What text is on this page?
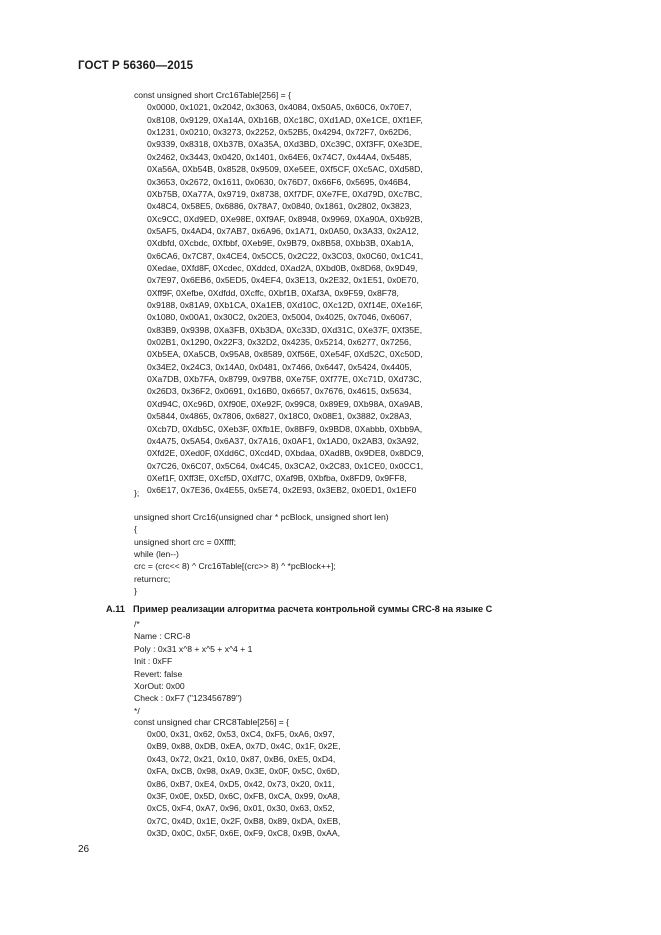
ГОСТ Р 56360—2015
const unsigned short Crc16Table[256] = {
0x0000, 0x1021, 0x2042, 0x3063, 0x4084, 0x50A5, 0x60C6, 0x70E7,
0x8108, 0x9129, 0Xa14A, 0Xb16B, 0Xc18C, 0Xd1AD, 0Xe1CE, 0Xf1EF,
0x1231, 0x0210, 0x3273, 0x2252, 0x52B5, 0x4294, 0x72F7, 0x62D6,
0x9339, 0x8318, 0Xb37B, 0Xa35A, 0Xd3BD, 0Xc39C, 0Xf3FF, 0Xe3DE,
0x2462, 0x3443, 0x0420, 0x1401, 0x64E6, 0x74C7, 0x44A4, 0x5485,
0Xa56A, 0Xb54B, 0x8528, 0x9509, 0Xe5EE, 0Xf5CF, 0Xc5AC, 0Xd58D,
0x3653, 0x2672, 0x1611, 0x0630, 0x76D7, 0x66F6, 0x5695, 0x46B4,
0Xb75B, 0Xa77A, 0x9719, 0x8738, 0Xf7DF, 0Xe7FE, 0Xd79D, 0Xc7BC,
0x48C4, 0x58E5, 0x6886, 0x78A7, 0x0840, 0x1861, 0x2802, 0x3823,
0Xc9CC, 0Xd9ED, 0Xe98E, 0Xf9AF, 0x8948, 0x9969, 0Xa90A, 0Xb92B,
0x5AF5, 0x4AD4, 0x7AB7, 0x6A96, 0x1A71, 0x0A50, 0x3A33, 0x2A12,
0Xdbfd, 0Xcbdc, 0Xfbbf, 0Xeb9E, 0x9B79, 0x8B58, 0Xbb3B, 0Xab1A,
0x6CA6, 0x7C87, 0x4CE4, 0x5CC5, 0x2C22, 0x3C03, 0x0C60, 0x1C41,
0Xedae, 0Xfd8F, 0Xcdec, 0Xddcd, 0Xad2A, 0Xbd0B, 0x8D68, 0x9D49,
0x7E97, 0x6EB6, 0x5ED5, 0x4EF4, 0x3E13, 0x2E32, 0x1E51, 0x0E70,
0Xff9F, 0Xefbe, 0Xdfdd, 0Xcffc, 0Xbf1B, 0Xaf3A, 0x9F59, 0x8F78,
0x9188, 0x81A9, 0Xb1CA, 0Xa1EB, 0Xd10C, 0Xc12D, 0Xf14E, 0Xe16F,
0x1080, 0x00A1, 0x30C2, 0x20E3, 0x5004, 0x4025, 0x7046, 0x6067,
0x83B9, 0x9398, 0Xa3FB, 0Xb3DA, 0Xc33D, 0Xd31C, 0Xe37F, 0Xf35E,
0x02B1, 0x1290, 0x22F3, 0x32D2, 0x4235, 0x5214, 0x6277, 0x7256,
0Xb5EA, 0Xa5CB, 0x95A8, 0x8589, 0Xf56E, 0Xe54F, 0Xd52C, 0Xc50D,
0x34E2, 0x24C3, 0x14A0, 0x0481, 0x7466, 0x6447, 0x5424, 0x4405,
0Xa7DB, 0Xb7FA, 0x8799, 0x97B8, 0Xe75F, 0Xf77E, 0Xc71D, 0Xd73C,
0x26D3, 0x36F2, 0x0691, 0x16B0, 0x6657, 0x7676, 0x4615, 0x5634,
0Xd94C, 0Xc96D, 0Xf90E, 0Xe92F, 0x99C8, 0x89E9, 0Xb98A, 0Xa9AB,
0x5844, 0x4865, 0x7806, 0x6827, 0x18C0, 0x08E1, 0x3882, 0x28A3,
0Xcb7D, 0Xdb5C, 0Xeb3F, 0Xfb1E, 0x8BF9, 0x9BD8, 0Xabbb, 0Xbb9A,
0x4A75, 0x5A54, 0x6A37, 0x7A16, 0x0AF1, 0x1AD0, 0x2AB3, 0x3A92,
0Xfd2E, 0Xed0F, 0Xdd6C, 0Xcd4D, 0Xbdaa, 0Xad8B, 0x9DE8, 0x8DC9,
0x7C26, 0x6C07, 0x5C64, 0x4C45, 0x3CA2, 0x2C83, 0x1CE0, 0x0CC1,
0Xef1F, 0Xff3E, 0Xcf5D, 0Xdf7C, 0Xaf9B, 0Xbfba, 0x8FD9, 0x9FF8,
0x6E17, 0x7E36, 0x4E55, 0x5E74, 0x2E93, 0x3EB2, 0x0ED1, 0x1EF0
};
unsigned short Crc16(unsigned char * pcBlock, unsigned short len)
{
unsigned short crc = 0Xffff;
while (len--)
crc = (crc<< 8) ^ Crc16Table[(crc>> 8) ^ *pcBlock++];
returncrc;
}
A.11 Пример реализации алгоритма расчета контрольной суммы CRC-8 на языке C
/*
Name : CRC-8
Poly : 0x31 x^8 + x^5 + x^4 + 1
Init : 0xFF
Revert: false
XorOut: 0x00
Check : 0xF7 ("123456789")
*/
const unsigned char CRC8Table[256] = {
0x00, 0x31, 0x62, 0x53, 0xC4, 0xF5, 0xA6, 0x97,
0xB9, 0x88, 0xDB, 0xEA, 0x7D, 0x4C, 0x1F, 0x2E,
0x43, 0x72, 0x21, 0x10, 0x87, 0xB6, 0xE5, 0xD4,
0xFA, 0xCB, 0x98, 0xA9, 0x3E, 0x0F, 0x5C, 0x6D,
0x86, 0xB7, 0xE4, 0xD5, 0x42, 0x73, 0x20, 0x11,
0x3F, 0x0E, 0x5D, 0x6C, 0xFB, 0xCA, 0x99, 0xA8,
0xC5, 0xF4, 0xA7, 0x96, 0x01, 0x30, 0x63, 0x52,
0x7C, 0x4D, 0x1E, 0x2F, 0xB8, 0x89, 0xDA, 0xEB,
0x3D, 0x0C, 0x5F, 0x6E, 0xF9, 0xC8, 0x9B, 0xAA,
26
